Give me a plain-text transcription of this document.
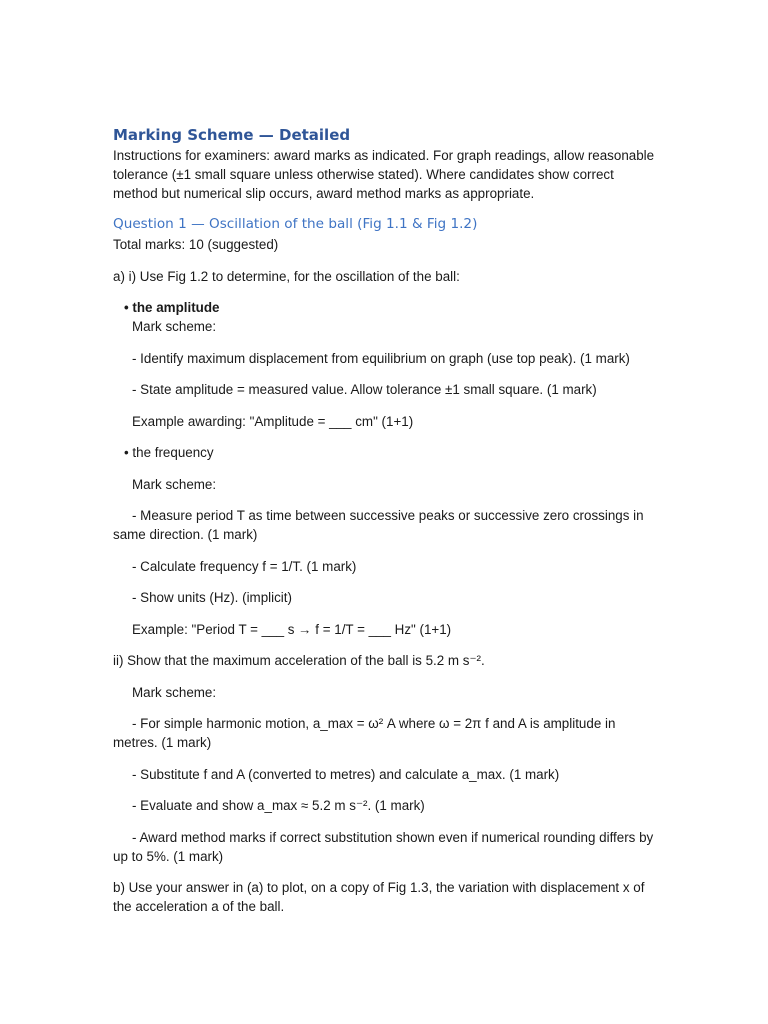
Marking Scheme — Detailed

Instructions for examiners: award marks as indicated. For graph readings, allow reasonable tolerance (±1 small square unless otherwise stated). Where candidates show correct method but numerical slip occurs, award method marks as appropriate.

Question 1 — Oscillation of the ball (Fig 1.1 & Fig 1.2)

Total marks: 10 (suggested)

a) i) Use Fig 1.2 to determine, for the oscillation of the ball:

• the amplitude

Mark scheme:

- Identify maximum displacement from equilibrium on graph (use top peak). (1 mark)

- State amplitude = measured value. Allow tolerance ±1 small square. (1 mark)

Example awarding: "Amplitude = ___ cm" (1+1)

• the frequency

Mark scheme:

- Measure period T as time between successive peaks or successive zero crossings in same direction. (1 mark)

- Calculate frequency f = 1/T. (1 mark)

- Show units (Hz). (implicit)

Example: "Period T = ___ s → f = 1/T = ___ Hz" (1+1)

ii) Show that the maximum acceleration of the ball is 5.2 m s⁻².

Mark scheme:

- For simple harmonic motion, a_max = ω² A where ω = 2π f and A is amplitude in metres. (1 mark)

- Substitute f and A (converted to metres) and calculate a_max. (1 mark)

- Evaluate and show a_max ≈ 5.2 m s⁻². (1 mark)

- Award method marks if correct substitution shown even if numerical rounding differs by up to 5%. (1 mark)

b) Use your answer in (a) to plot, on a copy of Fig 1.3, the variation with displacement x of the acceleration a of the ball.
